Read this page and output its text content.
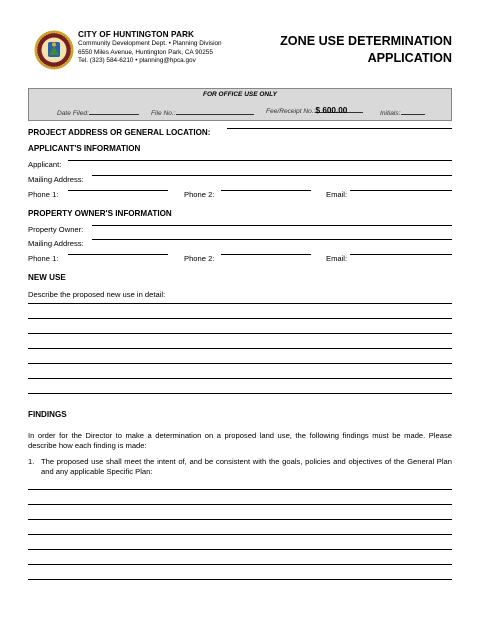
CITY OF HUNTINGTON PARK
Community Development Dept. • Planning Division
6550 Miles Avenue, Huntington Park, CA 90255
Tel. (323) 584-6210 • planning@hpca.gov
ZONE USE DETERMINATION
APPLICATION
FOR OFFICE USE ONLY
Date Filed:	File No.:	Fee/Receipt No.:$ 600.00	Initials:
PROJECT ADDRESS OR GENERAL LOCATION:
APPLICANT'S INFORMATION
Applicant:
Mailing Address:
Phone 1:	Phone 2:	Email:
PROPERTY OWNER'S INFORMATION
Property Owner:
Mailing Address:
Phone 1:	Phone 2:	Email:
NEW USE
Describe the proposed new use in detail:
FINDINGS
In order for the Director to make a determination on a proposed land use, the following findings must be made. Please describe how each finding is made:
1. The proposed use shall meet the intent of, and be consistent with the goals, policies and objectives of the General Plan and any applicable Specific Plan:
